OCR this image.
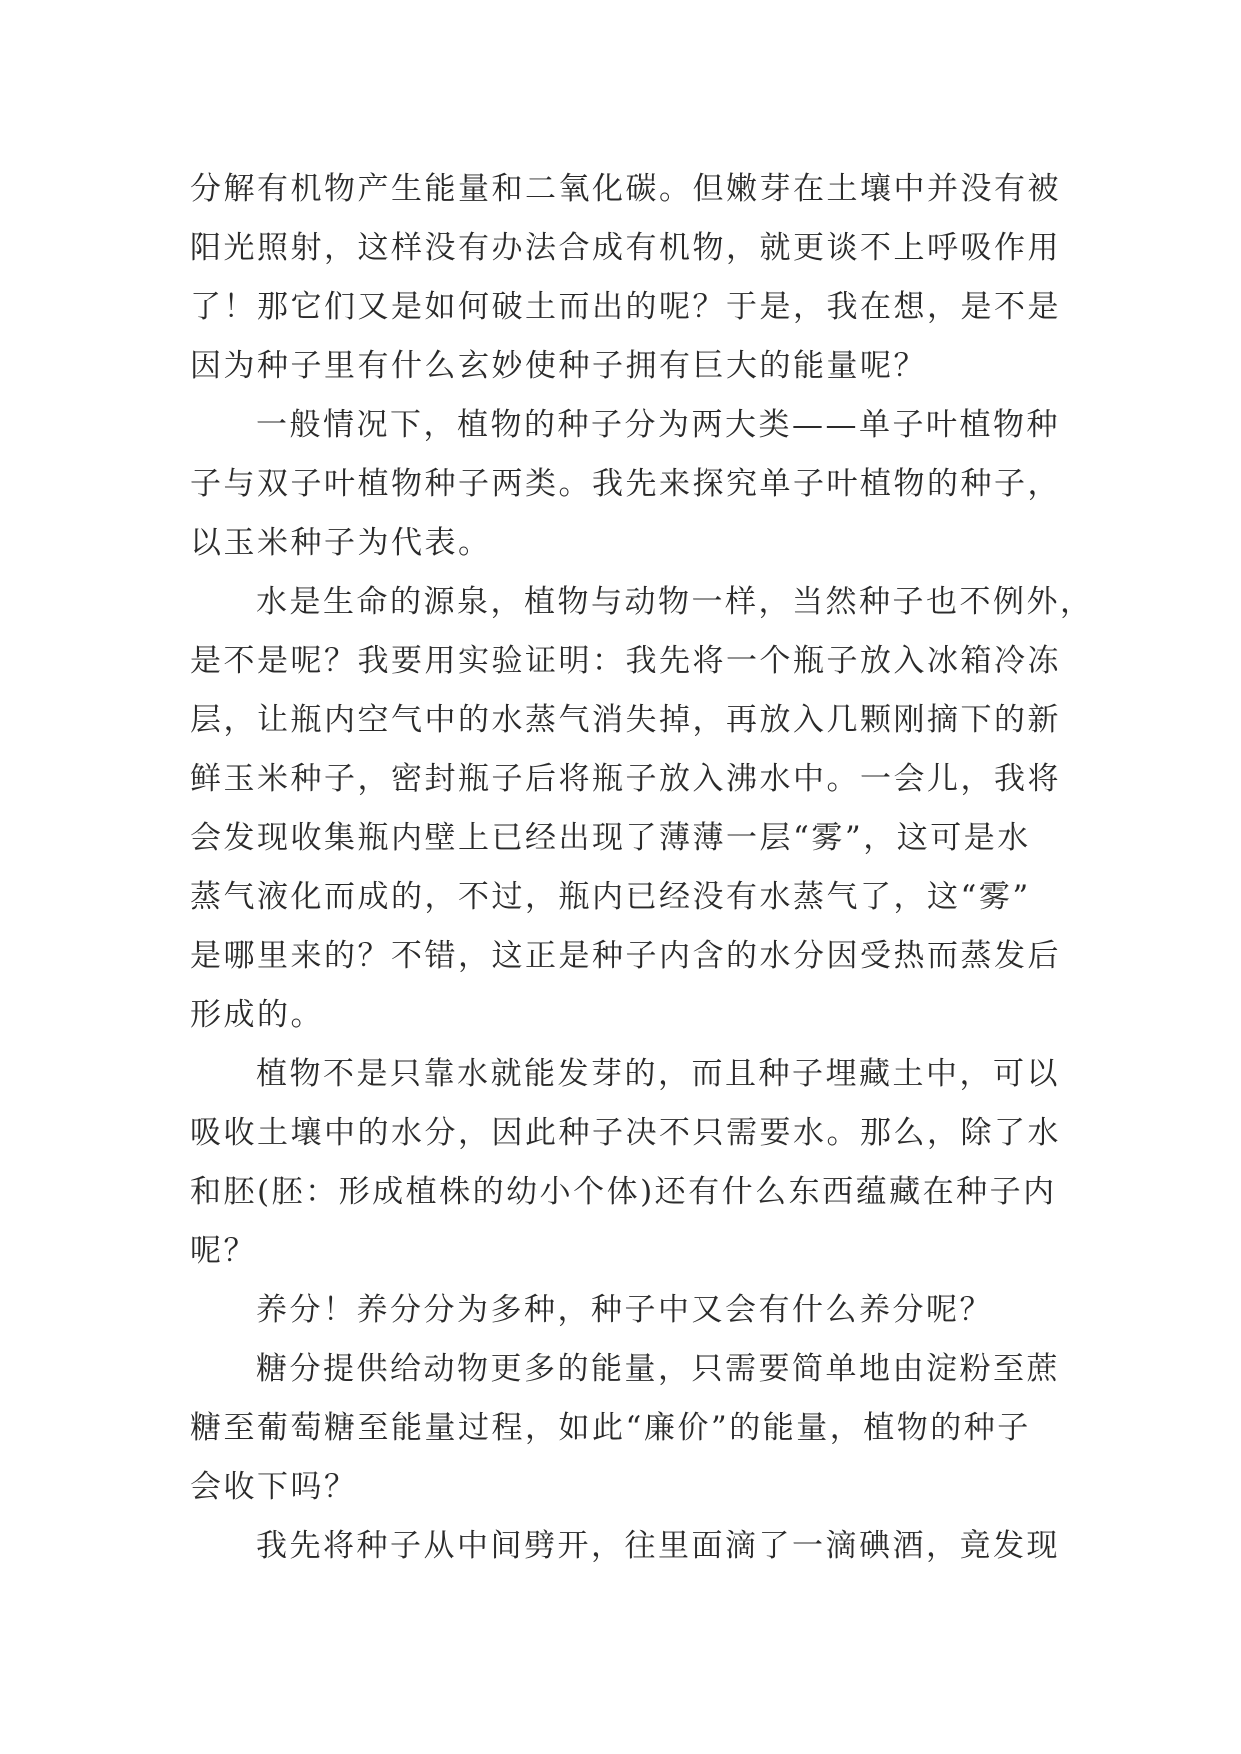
分解有机物产生能量和二氧化碳。但嫩芽在土壤中并没有被
阳光照射，这样没有办法合成有机物，就更谈不上呼吸作用
了！那它们又是如何破土而出的呢？于是，我在想，是不是
因为种子里有什么玄妙使种子拥有巨大的能量呢？
一般情况下，植物的种子分为两大类——单子叶植物种
子与双子叶植物种子两类。我先来探究单子叶植物的种子，
以玉米种子为代表。
水是生命的源泉，植物与动物一样，当然种子也不例外，
是不是呢？我要用实验证明：我先将一个瓶子放入冰箱冷冻
层，让瓶内空气中的水蒸气消失掉，再放入几颗刚摘下的新
鲜玉米种子，密封瓶子后将瓶子放入沸水中。一会儿，我将
会发现收集瓶内壁上已经出现了薄薄一层“雾”，这可是水
蒸气液化而成的，不过，瓶内已经没有水蒸气了，这“雾”
是哪里来的？不错，这正是种子内含的水分因受热而蒸发后
形成的。
植物不是只靠水就能发芽的，而且种子埋藏土中，可以
吸收土壤中的水分，因此种子决不只需要水。那么，除了水
和胚(胚：形成植株的幼小个体)还有什么东西蕴藏在种子内
呢？
养分！养分分为多种，种子中又会有什么养分呢？
糖分提供给动物更多的能量，只需要简单地由淀粉至蔗
糖至葡萄糖至能量过程，如此“廉价”的能量，植物的种子
会收下吗？
我先将种子从中间劈开，往里面滴了一滴碘酒，竟发现
